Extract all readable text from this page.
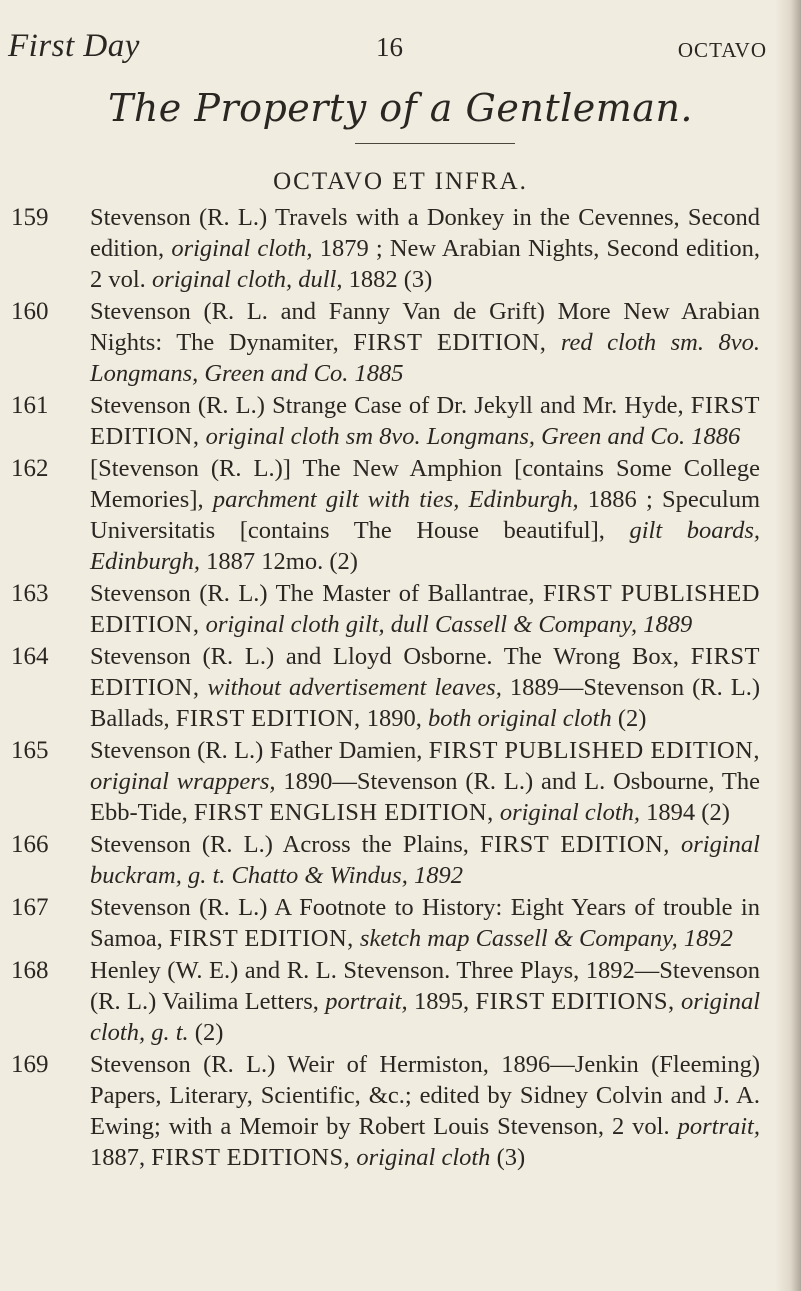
First Day	16	OCTAVO
The Property of a Gentleman.
OCTAVO ET INFRA.
159 Stevenson (R. L.) Travels with a Donkey in the Cevennes, Second edition, original cloth, 1879 ; New Arabian Nights, Second edition, 2 vol. original cloth, dull, 1882 (3)
160 Stevenson (R. L. and Fanny Van de Grift) More New Arabian Nights: The Dynamiter, FIRST EDITION, red cloth sm. 8vo. Longmans, Green and Co. 1885
161 Stevenson (R. L.) Strange Case of Dr. Jekyll and Mr. Hyde, FIRST EDITION, original cloth sm 8vo. Longmans, Green and Co. 1886
162 [Stevenson (R. L.)] The New Amphion [contains Some College Memories], parchment gilt with ties, Edinburgh, 1886 ; Speculum Universitatis [contains The House beautiful], gilt boards, Edinburgh, 1887 12mo. (2)
163 Stevenson (R. L.) The Master of Ballantrae, FIRST PUBLISHED EDITION, original cloth gilt, dull Cassell & Company, 1889
164 Stevenson (R. L.) and Lloyd Osborne. The Wrong Box, FIRST EDITION, without advertisement leaves, 1889—Stevenson (R. L.) Ballads, FIRST EDITION, 1890, both original cloth (2)
165 Stevenson (R. L.) Father Damien, FIRST PUBLISHED EDITION, original wrappers, 1890—Stevenson (R. L.) and L. Osbourne, The Ebb-Tide, FIRST ENGLISH EDITION, original cloth, 1894 (2)
166 Stevenson (R. L.) Across the Plains, FIRST EDITION, original buckram, g. t. Chatto & Windus, 1892
167 Stevenson (R. L.) A Footnote to History: Eight Years of trouble in Samoa, FIRST EDITION, sketch map Cassell & Company, 1892
168 Henley (W. E.) and R. L. Stevenson. Three Plays, 1892—Stevenson (R. L.) Vailima Letters, portrait, 1895, FIRST EDITIONS, original cloth, g. t. (2)
169 Stevenson (R. L.) Weir of Hermiston, 1896—Jenkin (Fleeming) Papers, Literary, Scientific, &c.; edited by Sidney Colvin and J. A. Ewing; with a Memoir by Robert Louis Stevenson, 2 vol. portrait, 1887, FIRST EDITIONS, original cloth (3)
